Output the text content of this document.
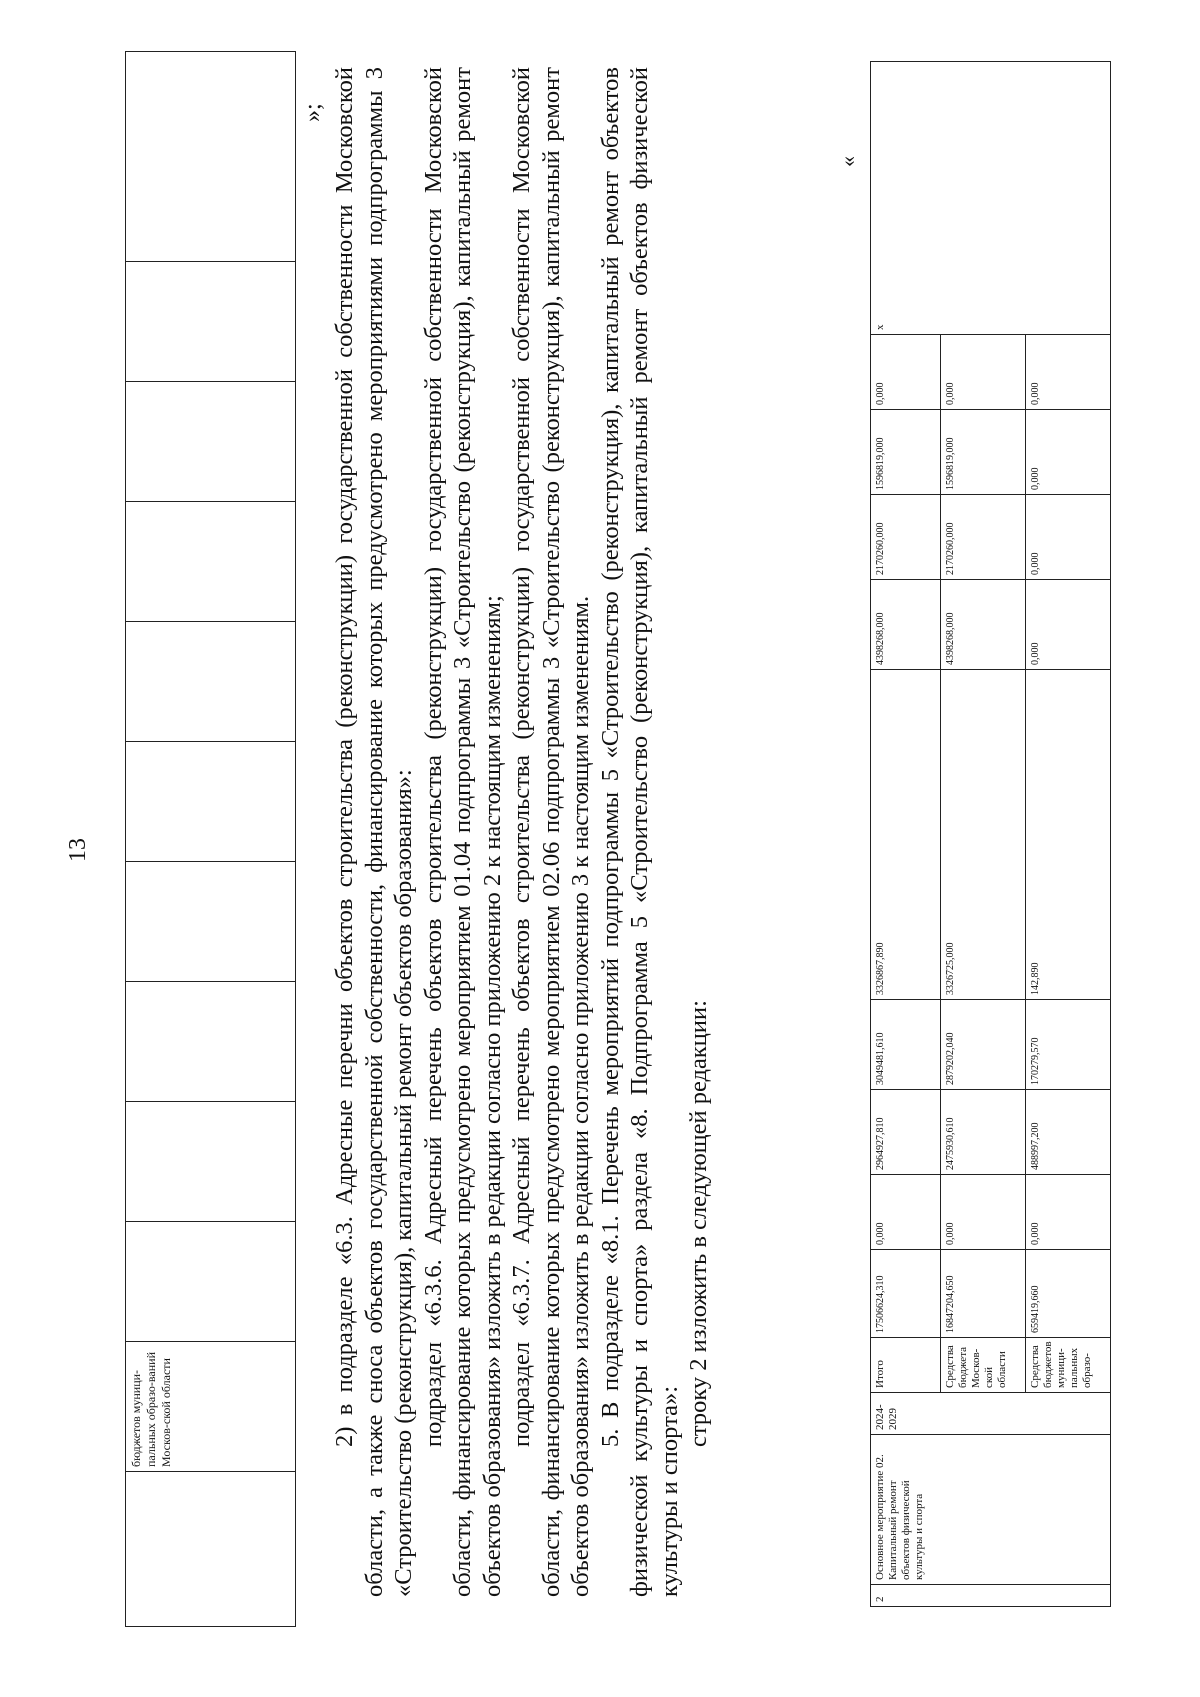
13
	бюджетов муници-пальных образо-ваний Москов-ской области										
»; 2) в подразделе «6.3. Адресные перечни объектов строительства (реконструкции) государственной собственности Московской области, а также сноса объектов государственной собственности, финансирование которых предусмотрено мероприятиями подпрограммы 3 «Строительство (реконструкция), капитальный ремонт объектов образования»: подраздел «6.3.6. Адресный перечень объектов строительства (реконструкции) государственной собственности Московской области, финансирование которых предусмотрено мероприятием 01.04 подпрограммы 3 «Строительство (реконструкция), капитальный ремонт объектов образования» изложить в редакции согласно приложению 2 к настоящим изменениям; подраздел «6.3.7. Адресный перечень объектов строительства (реконструкции) государственной собственности Московской области, финансирование которых предусмотрено мероприятием 02.06 подпрограммы 3 «Строительство (реконструкция), капитальный ремонт объектов образования» изложить в редакции согласно приложению 3 к настоящим изменениям. 5. В подразделе «8.1. Перечень мероприятий подпрограммы 5 «Строительство (реконструкция), капитальный ремонт объектов физической культуры и спорта» раздела «8. Подпрограмма 5 «Строительство (реконструкция), капитальный ремонт объектов физической культуры и спорта»:

строку 2 изложить в следующей редакции:

«
2	Основное мероприятие 02. Капитальный ремонт объектов физической культуры и спорта	2024-2029	Итого	17506624,310	0,000	2964927,810	3049481,610	3326867,890	4398268,000	2170260,000	1596819,000	0,000	х
			Средства бюджета Москов-ской области	16847204,650	0,000	2475930,610	2879202,040	3326725,000	4398268,000	2170260,000	1596819,000	0,000	
			Средства бюджетов муници-пальных образо-	659419,660	0,000	488997,200	170279,570	142,890	0,000	0,000	0,000	0,000	
